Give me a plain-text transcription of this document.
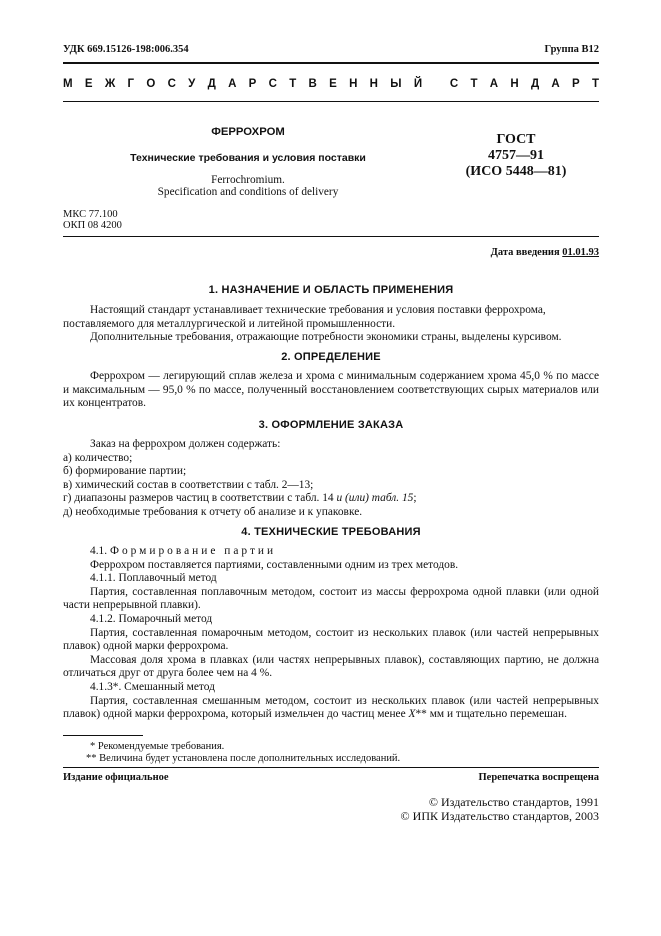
УДК 669.15126-198:006.354	Группа В12
М Е Ж Г О С У Д А Р С Т В Е Н Н Ы Й
С Т А Н Д А Р Т
ФЕРРОХРОМ
Технические требования и условия поставки
Ferrochromium.
Specification and conditions of delivery
ГОСТ
4757—91
(ИСО 5448—81)
МКС 77.100
ОКП 08 4200
Дата введения 01.01.93
1. НАЗНАЧЕНИЕ И ОБЛАСТЬ ПРИМЕНЕНИЯ

Настоящий стандарт устанавливает технические требования и условия поставки феррохрома,

поставляемого для металлургической и литейной промышленности.

Дополнительные требования, отражающие потребности экономики страны, выделены курсивом.

2. ОПРЕДЕЛЕНИЕ

Феррохром — легирующий сплав железа и хрома с минимальным содержанием хрома 45,0 % по массе и максимальным — 95,0 % по массе, полученный восстановлением соответствующих сырых материалов или их концентратов.

3. ОФОРМЛЕНИЕ ЗАКАЗА

Заказ на феррохром должен содержать:

а) количество;

б) формирование партии;

в) химический состав в соответствии с табл. 2—13;

г) диапазоны размеров частиц в соответствии с табл. 14 и (или) табл. 15;

д) необходимые требования к отчету об анализе и к упаковке.

4. ТЕХНИЧЕСКИЕ ТРЕБОВАНИЯ

4.1. Формирование партии

Феррохром поставляется партиями, составленными одним из трех методов.

4.1.1. Поплавочный метод

Партия, составленная поплавочным методом, состоит из массы феррохрома одной плавки (или одной части непрерывной плавки).

4.1.2. Помарочный метод

Партия, составленная помарочным методом, состоит из нескольких плавок (или частей непрерывных плавок) одной марки феррохрома.

Массовая доля хрома в плавках (или частях непрерывных плавок), составляющих партию, не должна отличаться друг от друга более чем на 4 %.

4.1.3*. Смешанный метод

Партия, составленная смешанным методом, состоит из нескольких плавок (или частей непрерывных плавок) одной марки феррохрома, который измельчен до частиц менее X** мм и тщательно перемешан.

* Рекомендуемые требования.
** Величина будет установлена после дополнительных исследований.
Издание официальное	Перепечатка воспрещена
© Издательство стандартов, 1991
© ИПК Издательство стандартов, 2003
